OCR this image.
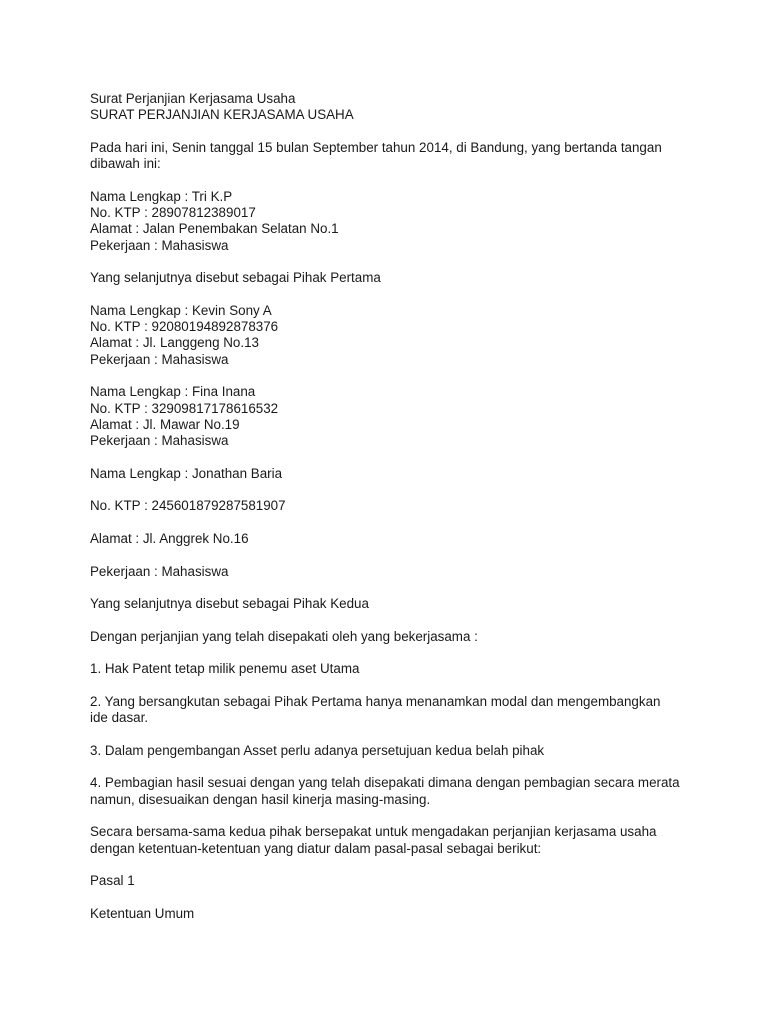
Surat Perjanjian Kerjasama Usaha

SURAT PERJANJIAN KERJASAMA USAHA

Pada hari ini, Senin tanggal 15 bulan September tahun 2014, di Bandung, yang bertanda tangan dibawah ini:

Nama Lengkap : Tri K.P

No. KTP : 28907812389017

Alamat : Jalan Penembakan Selatan No.1

Pekerjaan : Mahasiswa

Yang selanjutnya disebut sebagai Pihak Pertama

Nama Lengkap : Kevin Sony A

No. KTP : 92080194892878376

Alamat : Jl. Langgeng No.13

Pekerjaan : Mahasiswa

Nama Lengkap : Fina Inana

No. KTP : 32909817178616532

Alamat : Jl. Mawar No.19

Pekerjaan : Mahasiswa

Nama Lengkap : Jonathan Baria

No. KTP : 245601879287581907

Alamat : Jl. Anggrek No.16

Pekerjaan : Mahasiswa

Yang selanjutnya disebut sebagai Pihak Kedua

Dengan perjanjian yang telah disepakati oleh yang bekerjasama :

1. Hak Patent tetap milik penemu aset Utama

2. Yang bersangkutan sebagai Pihak Pertama hanya menanamkan modal dan mengembangkan ide dasar.

3. Dalam pengembangan Asset perlu adanya persetujuan kedua belah pihak

4. Pembagian hasil sesuai dengan yang telah disepakati dimana dengan pembagian secara merata namun, disesuaikan dengan hasil kinerja masing-masing.

Secara bersama-sama kedua pihak bersepakat untuk mengadakan perjanjian kerjasama usaha dengan ketentuan-ketentuan yang diatur dalam pasal-pasal sebagai berikut:

Pasal 1

Ketentuan Umum
